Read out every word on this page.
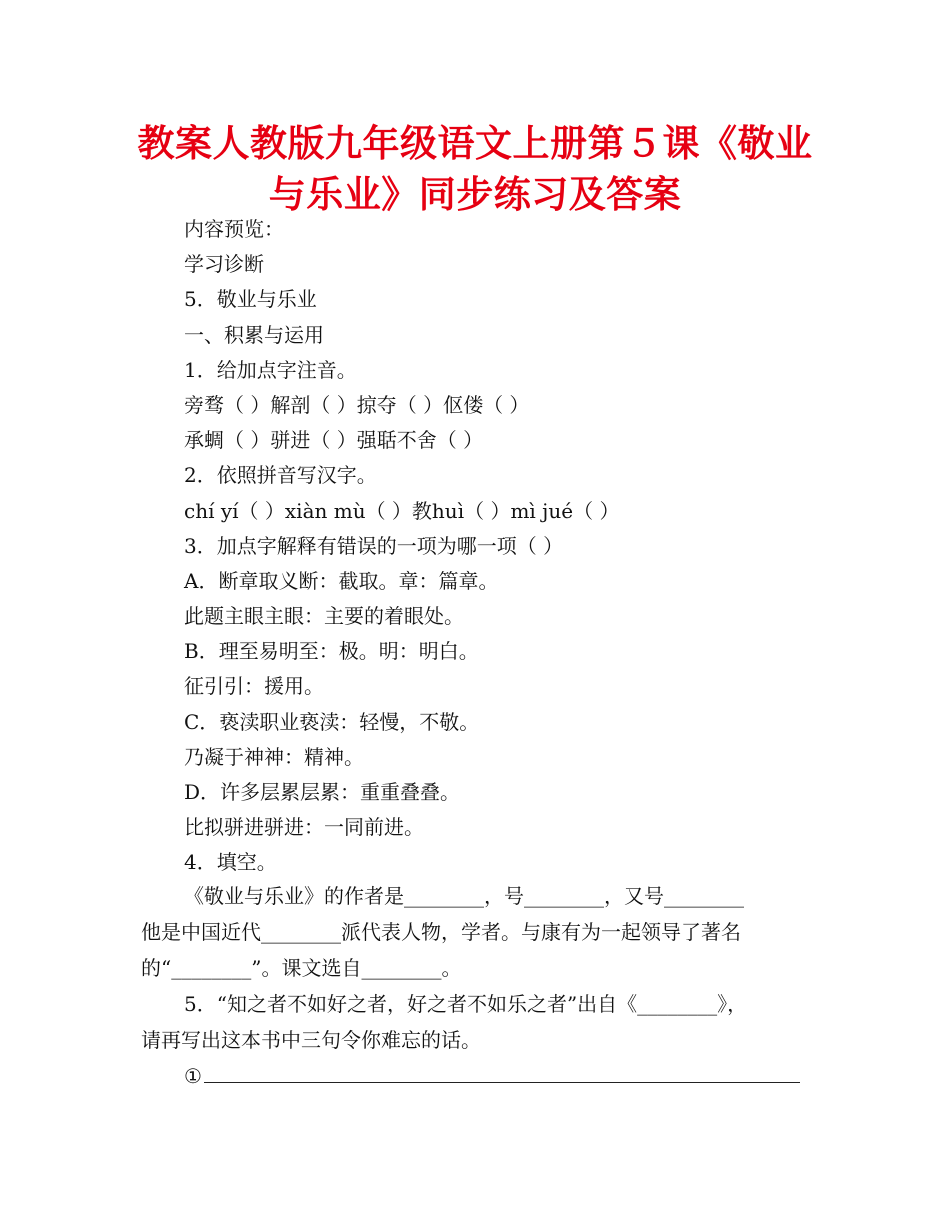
教案人教版九年级语文上册第５课《敬业
与乐业》同步练习及答案
内容预览：
学习诊断
5．敬业与乐业
一、积累与运用
1．给加点字注音。
旁骛（ ）解剖（ ）掠夺（ ）伛偻（ ）
承蜩（ ）骈进（ ）强聒不舍（ ）
2．依照拼音写汉字。
chí yí（ ）xiàn mù（ ）教huì（ ）mì jué（ ）
3．加点字解释有错误的一项为哪一项（ ）
A．断章取义断：截取。章：篇章。
此题主眼主眼：主要的着眼处。
B．理至易明至：极。明：明白。
征引引：援用。
C．亵渎职业亵渎：轻慢，不敬。
乃凝于神神：精神。
D．许多层累层累：重重叠叠。
比拟骈进骈进：一同前进。
4．填空。
《敬业与乐业》的作者是________，号________，又号________
他是中国近代________派代表人物，学者。与康有为一起领导了著名
的“________”。课文选自________。
5．“知之者不如好之者，好之者不如乐之者”出自《________》，
请再写出这本书中三句令你难忘的话。
①
